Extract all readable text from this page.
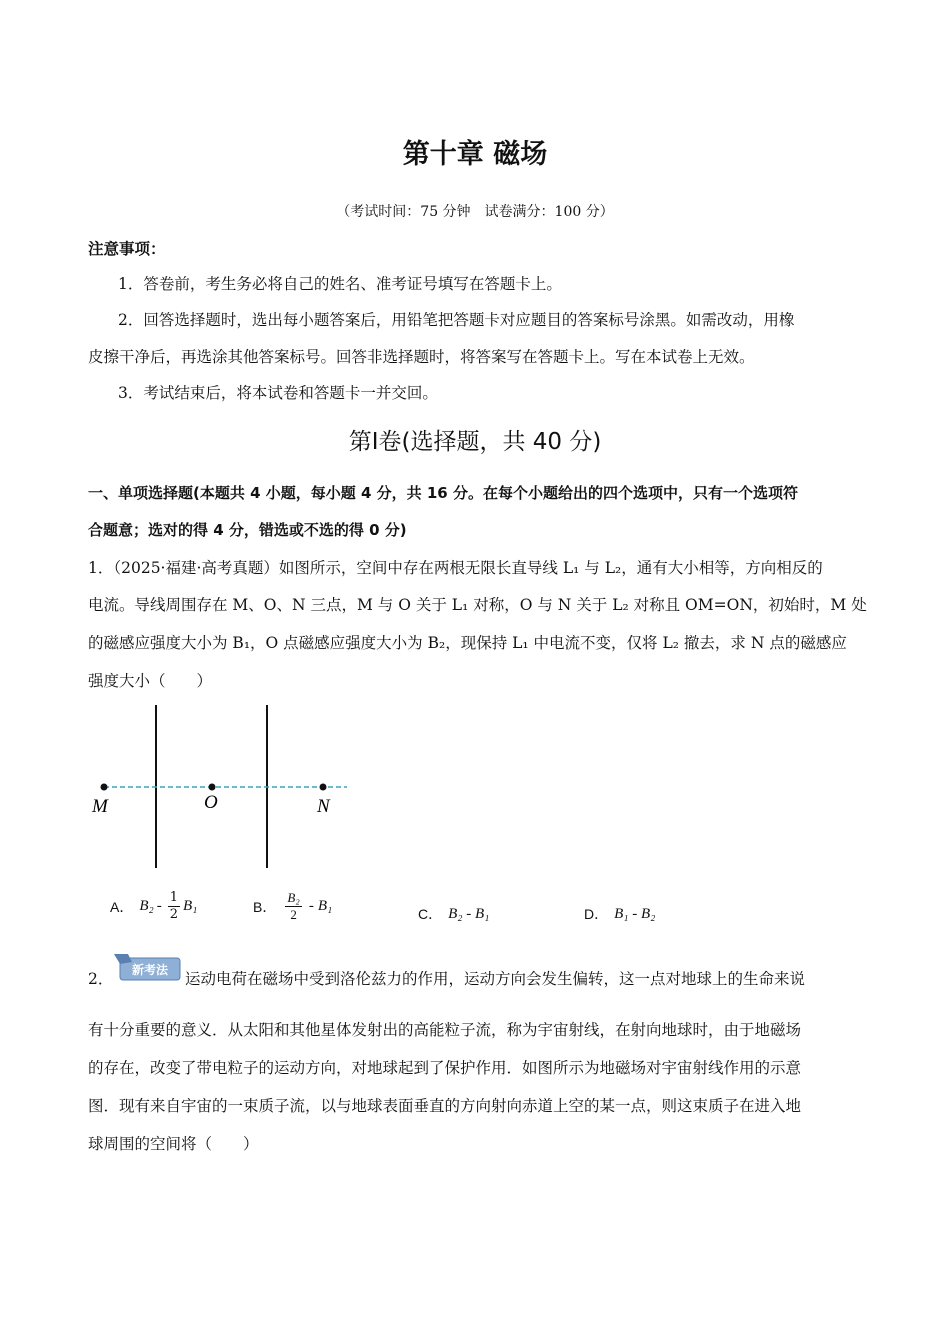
第十章 磁场
（考试时间：75 分钟　试卷满分：100 分）
注意事项：
1．答卷前，考生务必将自己的姓名、准考证号填写在答题卡上。
2．回答选择题时，选出每小题答案后，用铅笔把答题卡对应题目的答案标号涂黑。如需改动，用橡
皮擦干净后，再选涂其他答案标号。回答非选择题时，将答案写在答题卡上。写在本试卷上无效。
3．考试结束后，将本试卷和答题卡一并交回。
第Ⅰ卷(选择题，共 40 分)
一、单项选择题(本题共 4 小题，每小题 4 分，共 16 分。在每个小题给出的四个选项中，只有一个选项符
合题意；选对的得 4 分，错选或不选的得 0 分)
1．（2025·福建·高考真题）如图所示，空间中存在两根无限长直导线 L₁ 与 L₂，通有大小相等，方向相反的
电流。导线周围存在 M、O、N 三点，M 与 O 关于 L₁ 对称，O 与 N 关于 L₂ 对称且 OM=ON，初始时，M 处
的磁感应强度大小为 B₁，O 点磁感应强度大小为 B₂，现保持 L₁ 中电流不变，仅将 L₂ 撤去，求 N 点的磁感应
强度大小（　　）
M	O	N
A． $B_2 - \frac{1}{2} B_1$	B． $\frac{\text{B₂}}{2} - B_1$	C． B₂ - B₁	D． B₁ - B₂
2． 新考法 运动电荷在磁场中受到洛伦兹力的作用，运动方向会发生偏转，这一点对地球上的生命来说
有十分重要的意义．从太阳和其他星体发射出的高能粒子流，称为宇宙射线，在射向地球时，由于地磁场
的存在，改变了带电粒子的运动方向，对地球起到了保护作用．如图所示为地磁场对宇宙射线作用的示意
图．现有来自宇宙的一束质子流，以与地球表面垂直的方向射向赤道上空的某一点，则这束质子在进入地
球周围的空间将（　　）
